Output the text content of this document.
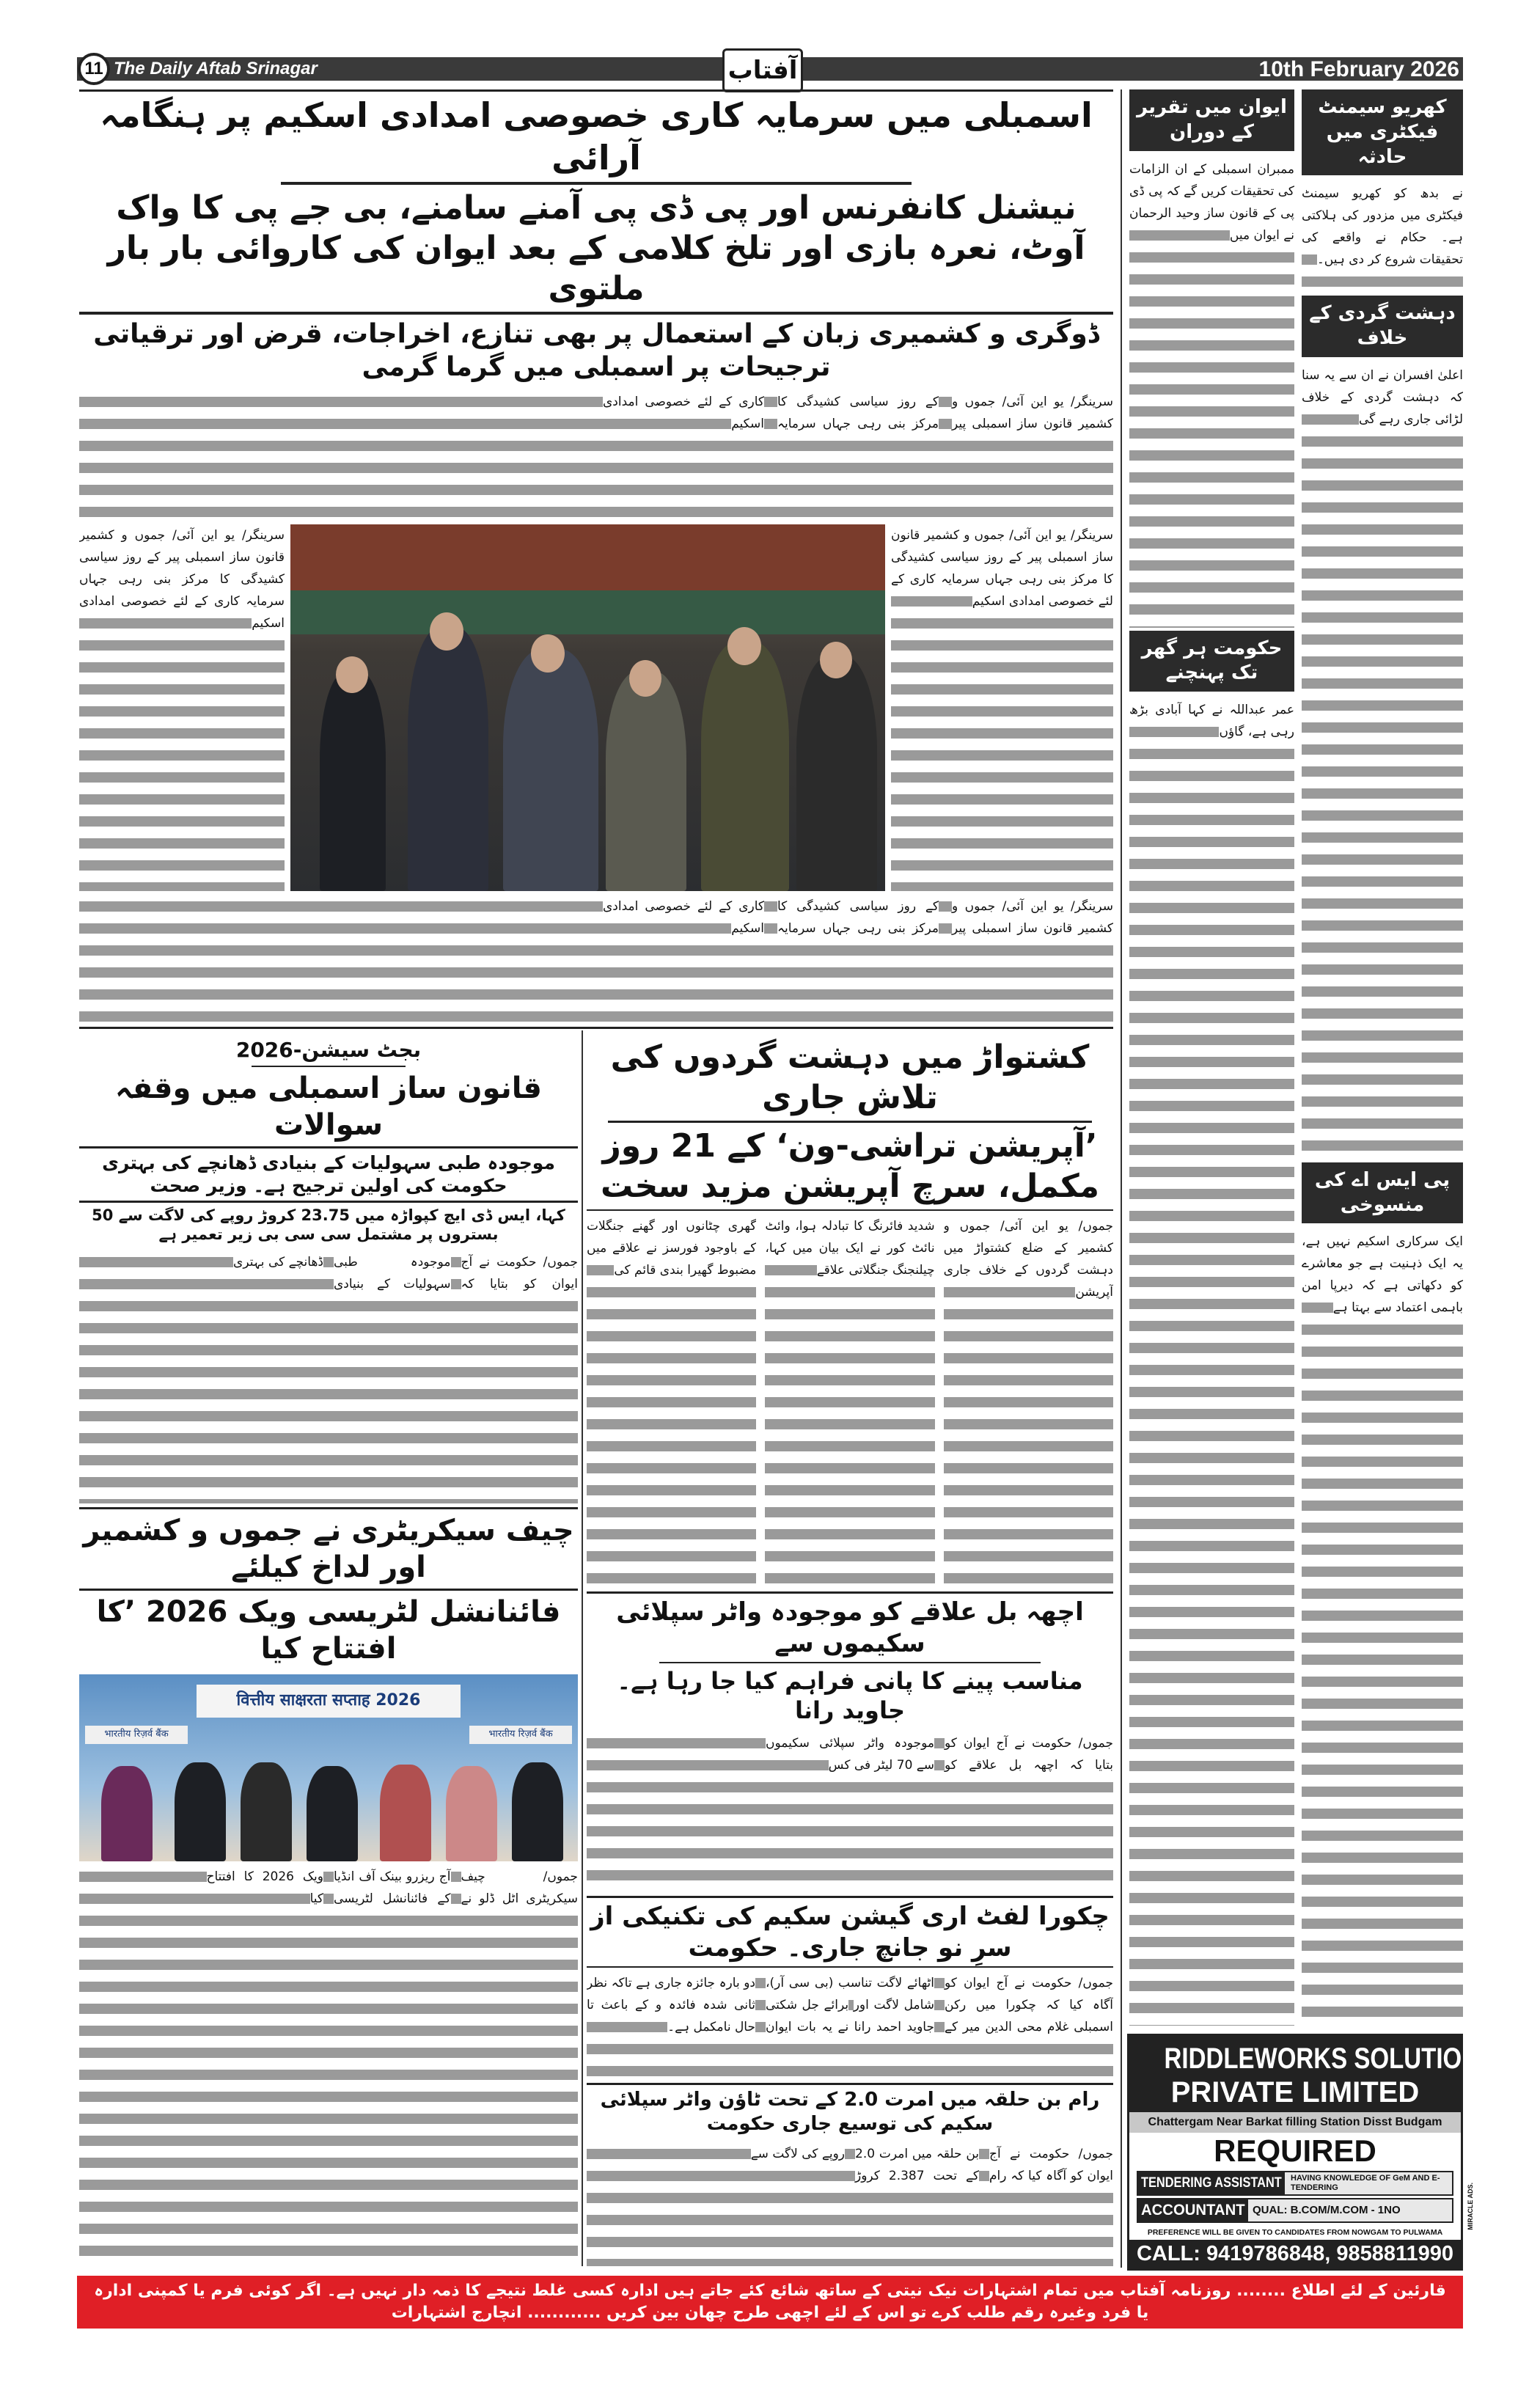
11 The Daily Aftab Srinagar	آفتاب	10th February 2026
اسمبلی میں سرمایہ کاری خصوصی امدادی اسکیم پر ہنگامہ آرائی
نیشنل کانفرنس اور پی ڈی پی آمنے سامنے، بی جے پی کا واک آوٹ، نعرہ بازی اور تلخ کلامی کے بعد ایوان کی کاروائی بار بار ملتوی
ڈوگری و کشمیری زبان کے استعمال پر بھی تنازع، اخراجات، قرض اور ترقیاتی ترجیحات پر اسمبلی میں گرما گرمی
سرینگر/ یو این آئی/ جموں و کشمیر قانون ساز اسمبلی پیر کے روز سیاسی کشیدگی کا مرکز بنی رہی جہاں سرمایہ کاری کے لئے خصوصی امدادی اسکیم
سرینگر/ یو این آئی/ جموں و کشمیر قانون ساز اسمبلی پیر کے روز سیاسی کشیدگی کا مرکز بنی رہی جہاں سرمایہ کاری کے لئے خصوصی امدادی اسکیم
سرینگر/ یو این آئی/ جموں و کشمیر قانون ساز اسمبلی پیر کے روز سیاسی کشیدگی کا مرکز بنی رہی جہاں سرمایہ کاری کے لئے خصوصی امدادی اسکیم
سرینگر/ یو این آئی/ جموں و کشمیر قانون ساز اسمبلی پیر کے روز سیاسی کشیدگی کا مرکز بنی رہی جہاں سرمایہ کاری کے لئے خصوصی امدادی اسکیم
ایوان میں تقریر کے دوران
ممبران اسمبلی کے ان الزامات کی تحقیقات کریں گے کہ پی ڈی پی کے قانون ساز وحید الرحمان نے ایوان میں
حکومت ہر گھر تک پہنچنے
عمر عبداللہ نے کہا آبادی بڑھ رہی ہے، گاؤں
کھریو سیمنٹ فیکٹری میں حادثہ
نے بدھ کو کھریو سیمنٹ فیکٹری میں مزدور کی ہلاکتی ہے۔ حکام نے واقعے کی تحقیقات شروع کر دی ہیں۔
دہشت گردی کے خلاف
اعلیٰ افسران نے ان سے یہ سنا کہ دہشت گردی کے خلاف لڑائی جاری رہے گی
پی ایس اے کی منسوخی
ایک سرکاری اسکیم نہیں ہے، یہ ایک ذہنیت ہے جو معاشرے کو دکھاتی ہے کہ دیرپا امن باہمی اعتماد سے بہتا ہے
بجٹ سیشن-2026
قانون ساز اسمبلی میں وقفہ سوالات
موجودہ طبی سہولیات کے بنیادی ڈھانچے کی بہتری حکومت کی اولین ترجیح ہے۔ وزیر صحت
کہا، ایس ڈی ایچ کپواڑہ میں 23.75 کروڑ روپے کی لاگت سے 50 بستروں پر مشتمل سی سی بی زیر تعمیر ہے
جموں/ حکومت نے آج ایوان کو بتایا کہ موجودہ طبی سہولیات کے بنیادی ڈھانچے کی بہتری
چیف سیکریٹری نے جموں و کشمیر اور لداخ کیلئے
فائنانشل لٹریسی ویک 2026 ’کا افتتاح کیا
वित्तीय साक्षरता सप्ताह 2026
भारतीय रिज़र्व बैंक	भारतीय रिज़र्व बैंक
جموں/ چیف سیکریٹری اٹل ڈلو نے آج ریزرو بینک آف انڈیا کے فائنانشل لٹریسی ویک 2026 کا افتتاح کیا
کشتواڑ میں دہشت گردوں کی تلاش جاری
’آپریشن تراشی-ون‘ کے 21 روز مکمل، سرچ آپریشن مزید سخت
جموں/ یو این آئی/ جموں و کشمیر کے ضلع کشتواڑ میں دہشت گردوں کے خلاف جاری آپریشن
شدید فائرنگ کا تبادلہ ہوا، وائٹ نائٹ کور نے ایک بیان میں کہا، چیلنجنگ جنگلاتی علاقے
گھری چٹانوں اور گھنے جنگلات کے باوجود فورسز نے علاقے میں مضبوط گھیرا بندی قائم کی
اچھہ بل علاقے کو موجودہ واٹر سپلائی سکیموں سے
مناسب پینے کا پانی فراہم کیا جا رہا ہے۔ جاوید رانا
جموں/ حکومت نے آج ایوان کو بتایا کہ اچھہ بل علاقے کو موجودہ واٹر سپلائی سکیموں سے 70 لیٹر فی کس
چکورا لفٹ اری گیشن سکیم کی تکنیکی از سرِ نو جانچ جاری۔ حکومت
جموں/ حکومت نے آج ایوان کو آگاہ کیا کہ چکورا میں رکن اسمبلی غلام محی الدین میر کے اٹھائے لاگت تناسب (بی سی آر)، شامل لاگت اور برائے جل شکتی جاوید احمد رانا نے یہ بات ایوان دو بارہ جائزہ جاری ہے تاکہ نظر ثانی شدہ فائدہ و کے باعث تا حال نامکمل ہے۔
رام بن حلقہ میں امرت 2.0 کے تحت ٹاؤن واٹر سپلائی سکیم کی توسیع جاری حکومت
جموں/ حکومت نے آج ایوان کو آگاہ کیا کہ رام بن حلقہ میں امرت 2.0 کے تحت 2.387 کروڑ روپے کی لاگت سے
RIDDLEWORKS SOLUTIONS
PRIVATE LIMITED
Chattergam Near Barkat filling Station Disst Budgam
REQUIRED
TENDERING ASSISTANT	HAVING KNOWLEDGE OF GeM AND E-TENDERING
ACCOUNTANT QUAL: B.COM/M.COM - 1NO
PREFERENCE WILL BE GIVEN TO CANDIDATES FROM NOWGAM TO PULWAMA
CALL: 9419786848, 9858811990
MIRACLE ADS.
قارئین کے لئے اطلاع ........ روزنامہ آفتاب میں تمام اشتہارات نیک نیتی کے ساتھ شائع کئے جاتے ہیں ادارہ کسی غلط نتیجے کا ذمہ دار نہیں ہے۔ اگر کوئی فرم یا کمپنی ادارہ یا فرد وغیرہ رقم طلب کرے تو اس کے لئے اچھی طرح چھان بین کریں ............ انچارج اشتہارات
